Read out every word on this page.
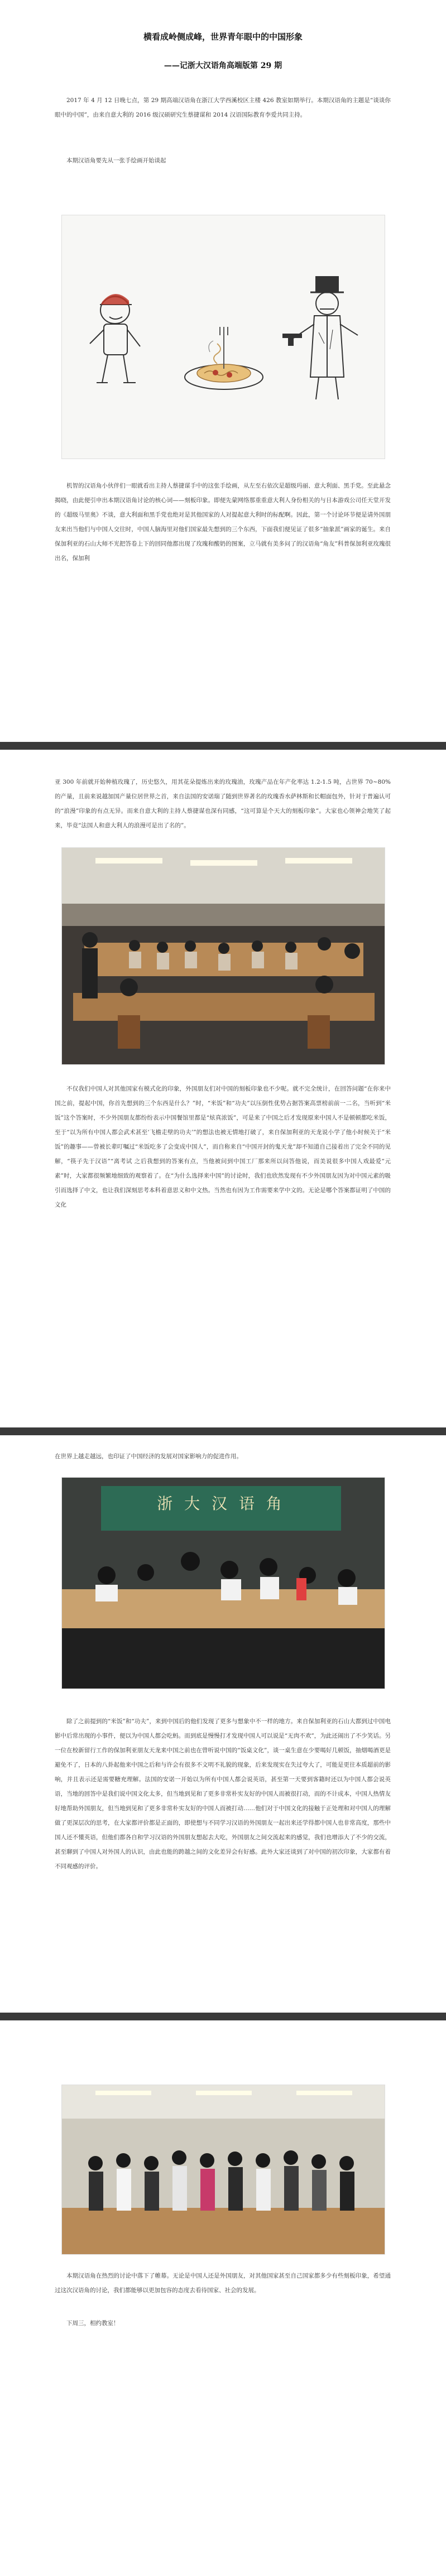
横看成岭侧成峰，世界青年眼中的中国形象
——记浙大汉语角高端版第 29 期

2017 年 4 月 12 日晚七点，第 29 期高端汉语角在浙江大学西溪校区主楼 426 教室如期举行。本期汉语角的主题是“谈谈你眼中的中国”，由来自意大利的 2016 级汉硕研究生蔡捷谋和 2014 汉语国际教育李爱共同主持。

本期汉语角要先从一张手绘画开始谈起

机智的汉语角小伙伴们一眼就看出主持人蔡捷谋手中的这张手绘画，从左至右依次是超级玛丽、意大利面、黑手党。至此悬念揭晓，由此便引申出本期汉语角讨论的核心词——刻板印象。即便先蒙网络那重重意大利人身份相关的与日本游戏公司任天堂开发的《超级马里奥》不谈，意大利面和黑手党也绝对是其他国家的人对提起意大利时的标配啊。因此，第一个讨论环节便是请外国朋友来出当他们与中国人交往时，中国人脑海里对他们国家最先想到的三个东西，下面我们便见证了很多“抽象派”画家的诞生。来自保加利亚的石山大师不光把答卷上下的回同他都出现了玫瑰和酸奶的图案，立马就有美多问了的汉语角“角友”科普保加利亚玫瑰很出名，保加利

亚 300 年前就开始种植玫瑰了，历史悠久，用其花朵提炼出来的玫瑰油，玫瑰产品在年产化率达 1.2-1.5 吨，占世界 70~80% 的产量，且前来说越加国产量位居世界之首，来自法国的安诺瑞了随到世界著名的玫瑰香水萨林斯和长帽面包外，针对于普遍认可的“浪漫”印象的有点无异。而来自意大利的主持人蔡捷谋也深有同感，“这可算是个天大的刻板印象”。大家也心领神会地笑了起来，毕竟“法国人和意大利人的浪漫可是出了名的”。

不仅我们中国人对其他国家有模式化的印象，外国朋友们对中国的刻板印象也不少呢。就不完全统计，在回答问题“在你来中国之前，提起中国，你首先想到的三个东西是什么？”时，“米饭”和“功夫”以压倒性优势占据答案高票榜前前一二名，当听到“米饭”这个答案时，不少外国朋友都纷纷表示中国餐馆里都是“炫真浓饭”，可是来了中国之后才发现原来中国人不是顿顿都吃米饭，至于“以为所有中国人都会武术甚至‘飞檐走壁的功夫’”的想法也被无情地打破了，来自保加利亚的天龙说小学了他小时候关于“米饭”的趣事——曾被长辈叮嘱过“米饭吃多了会变成中国人”，而自称来自“中国开封的鬼天龙”却不知道自己接着出了完全不同的见解，“筷子先于汉语”“离考试 之后我想到的答案有点，当他被问到中国工厂那来所以问答他说，而美说很多中国人戏最爱“元素”时，大家都很频繁地细致的观察着了。在“为什么选择来中国”的讨论时，我们也欣然发现有不少外国朋友因为对中国元素的吸引而选择了中文，也让我们深刻思考本科着意思义和中文热。当然也有因为工作需要来学中文的。无论是哪个答案都证明了中国的文化

在世界上越走越远，也印证了中国经济的发展对国家影响力的促进作用。

浙 大 汉 语 角

除了之前提到的“米饭”和“功夫”，来到中国后的他们发现了更多与想象中不一样的地方。来自保加利亚的石山大都到过中国电影中后常出现的小事件，便以为中国人都会吃蚂。而到底是慢慢打才发现中国人可以说是“无肉不欢”，为此还闹出了不少笑话。另一位在校新留行工作的保加利亚朋友天龙来中国之前也在曾听说中国的“饭桌文化”，谈一桌生意在少要喝好几顿饭，抽烟喝酒更是避免不了，日本的八卦起他来中国之后和与许会有很多不文明不礼貌的现象，后来发现实在失过夸大了，可能是更往本质超前的影响，并且表示还是需要糖充理解。法国的安诺一开始以为所有中国人都会说英语，甚至第一天要到客籍时还以为中国人都会说英语，当地的回答中是我们说中国文化太多，但当地到见和了更多非常朴实友好的中国人而被很打动，而的不计成本，中国人热情友好地帮助外国朋友，但当地到见和了更多非常朴实友好的中国人而被打动……他们对于中国文化的接触于正处理和对中国人的理解做了更深层次的思考，在大家都评价都是正面的，即使想与不同学习汉语的外国朋友一起出来还学得都中国人也非常高度，那些中国人还不懂英语，但他们都各自和学习汉语的外国朋友想起去大吃，外国朋友之间交流起来的感觉，我们也增添大了不少的交流，甚至聊到了中国人对外国人的认识，由此也能的跨越之间的文化差异会有好感。此外大家还谈到了对中国的初次印象，大家都有着不同观感的评价。

本期汉语角在热烈的讨论中落下了帷幕。无论是中国人还是外国朋友，对其他国家甚至自己国家都多少有些刻板印象，希望通过这次汉语角的讨论，我们都能够以更加包容的态度去看待国家、社会的发展。

下周三，相约教室！
